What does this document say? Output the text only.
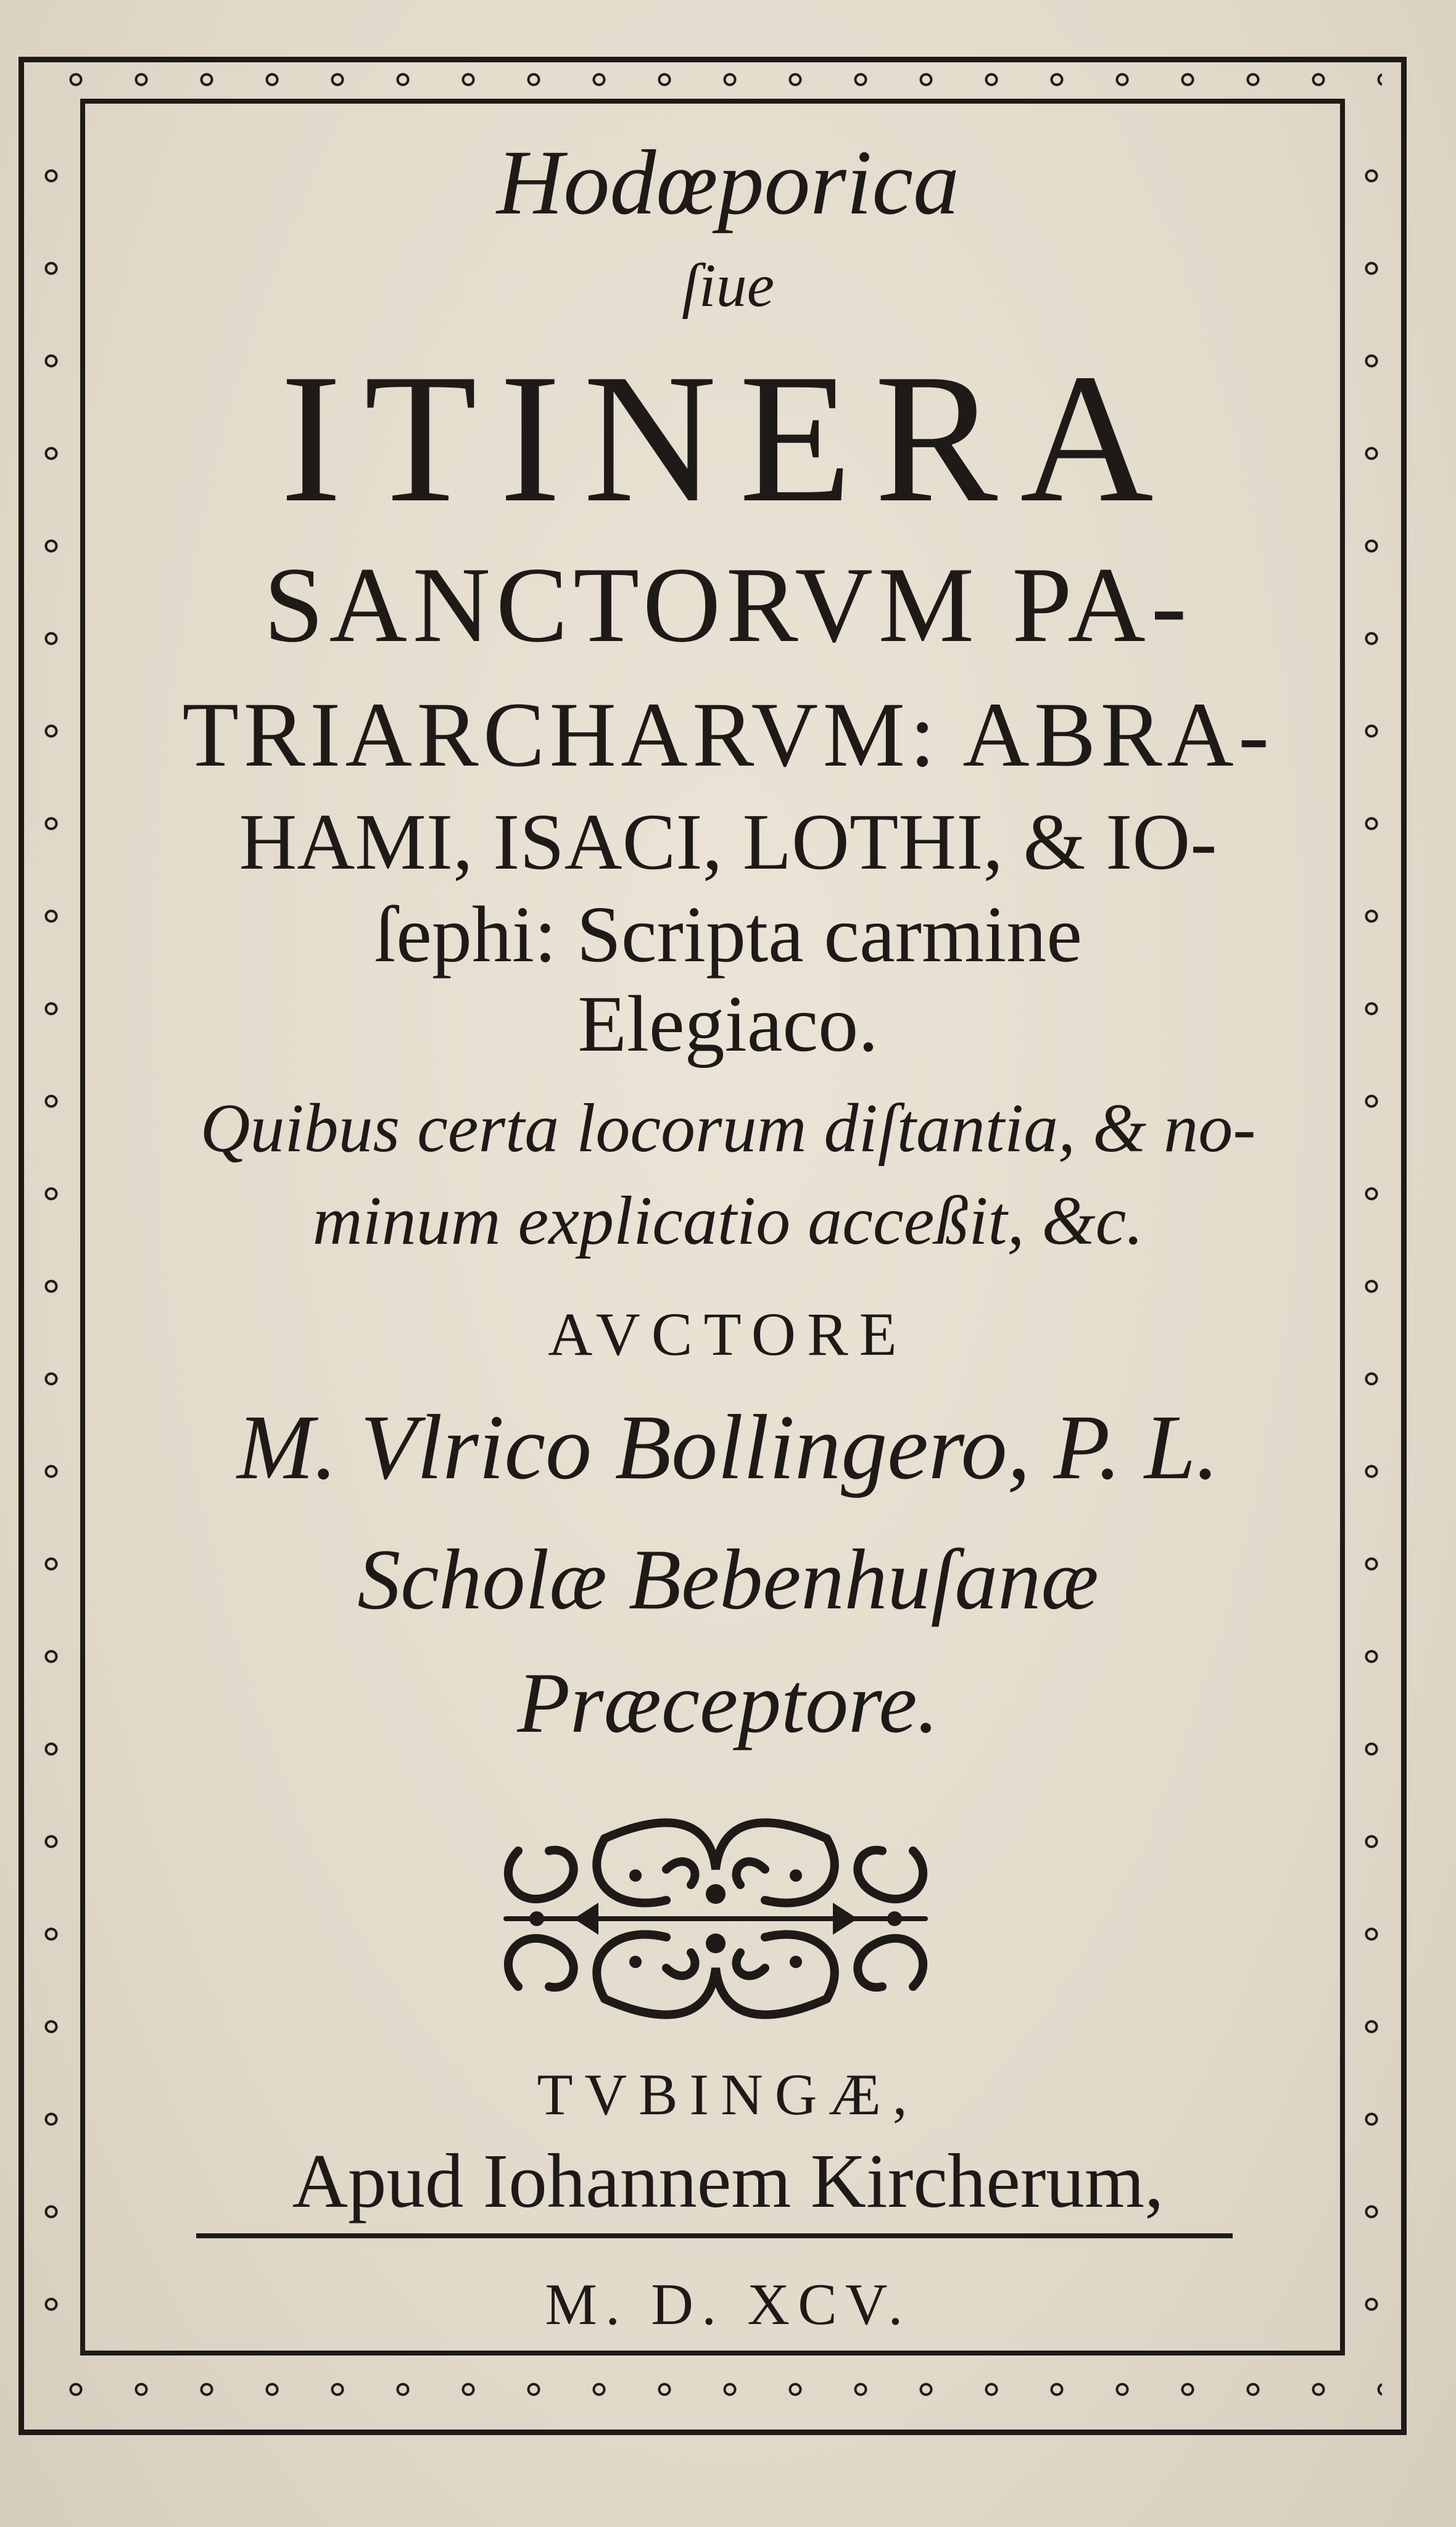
Hodœporica
ſiue
ITINERA
SANCTORVM PA-
TRIARCHARVM: ABRA-
HAMI, ISACI, LOTHI, & IO-
ſephi: Scripta carmine
Elegiaco.
Quibus certa locorum diſtantia, & no-
minum explicatio acceßit, &c.
AVCTORE
M. Vlrico Bollingero, P. L.
Scholæ Bebenhuſanæ
Præceptore.
TVBINGÆ,
Apud Iohannem Kircherum,
M. D. XCV.
